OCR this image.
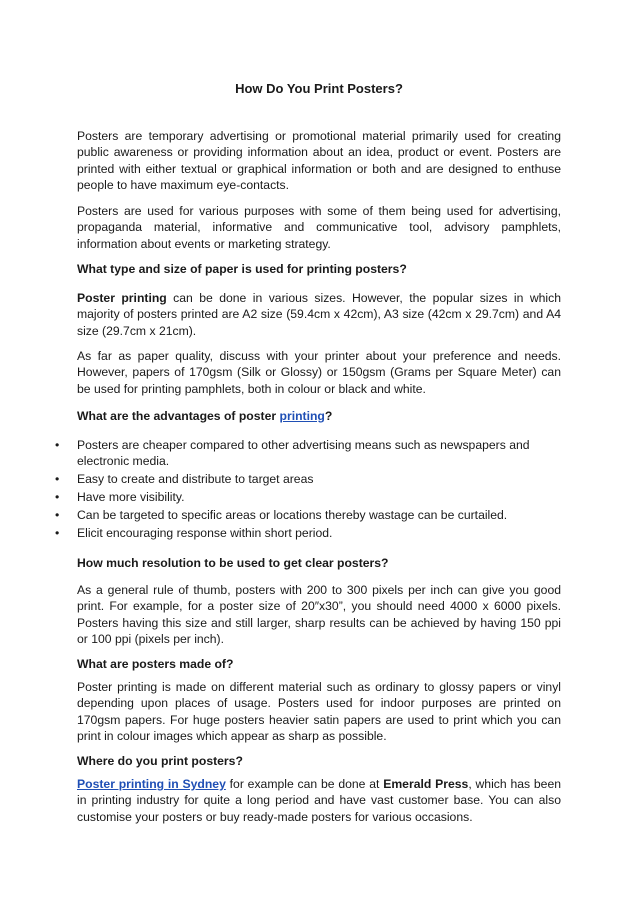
How Do You Print Posters?

Posters are temporary advertising or promotional material primarily used for creating public awareness or providing information about an idea, product or event. Posters are printed with either textual or graphical information or both and are designed to enthuse people to have maximum eye-contacts.

Posters are used for various purposes with some of them being used for advertising, propaganda material, informative and communicative tool, advisory pamphlets, information about events or marketing strategy.

What type and size of paper is used for printing posters?

Poster printing can be done in various sizes. However, the popular sizes in which majority of posters printed are A2 size (59.4cm x 42cm), A3 size (42cm x 29.7cm) and A4 size (29.7cm x 21cm).

As far as paper quality, discuss with your printer about your preference and needs. However, papers of 170gsm (Silk or Glossy) or 150gsm (Grams per Square Meter) can be used for printing pamphlets, both in colour or black and white.

What are the advantages of poster printing?
• Posters are cheaper compared to other advertising means such as newspapers and electronic media.
• Easy to create and distribute to target areas
• Have more visibility.
• Can be targeted to specific areas or locations thereby wastage can be curtailed.
• Elicit encouraging response within short period.
How much resolution to be used to get clear posters?

As a general rule of thumb, posters with 200 to 300 pixels per inch can give you good print. For example, for a poster size of 20″x30”, you should need 4000 x 6000 pixels. Posters having this size and still larger, sharp results can be achieved by having 150 ppi or 100 ppi (pixels per inch).

What are posters made of?

Poster printing is made on different material such as ordinary to glossy papers or vinyl depending upon places of usage. Posters used for indoor purposes are printed on 170gsm papers. For huge posters heavier satin papers are used to print which you can print in colour images which appear as sharp as possible.

Where do you print posters?

Poster printing in Sydney for example can be done at Emerald Press, which has been in printing industry for quite a long period and have vast customer base. You can also customise your posters or buy ready-made posters for various occasions.
